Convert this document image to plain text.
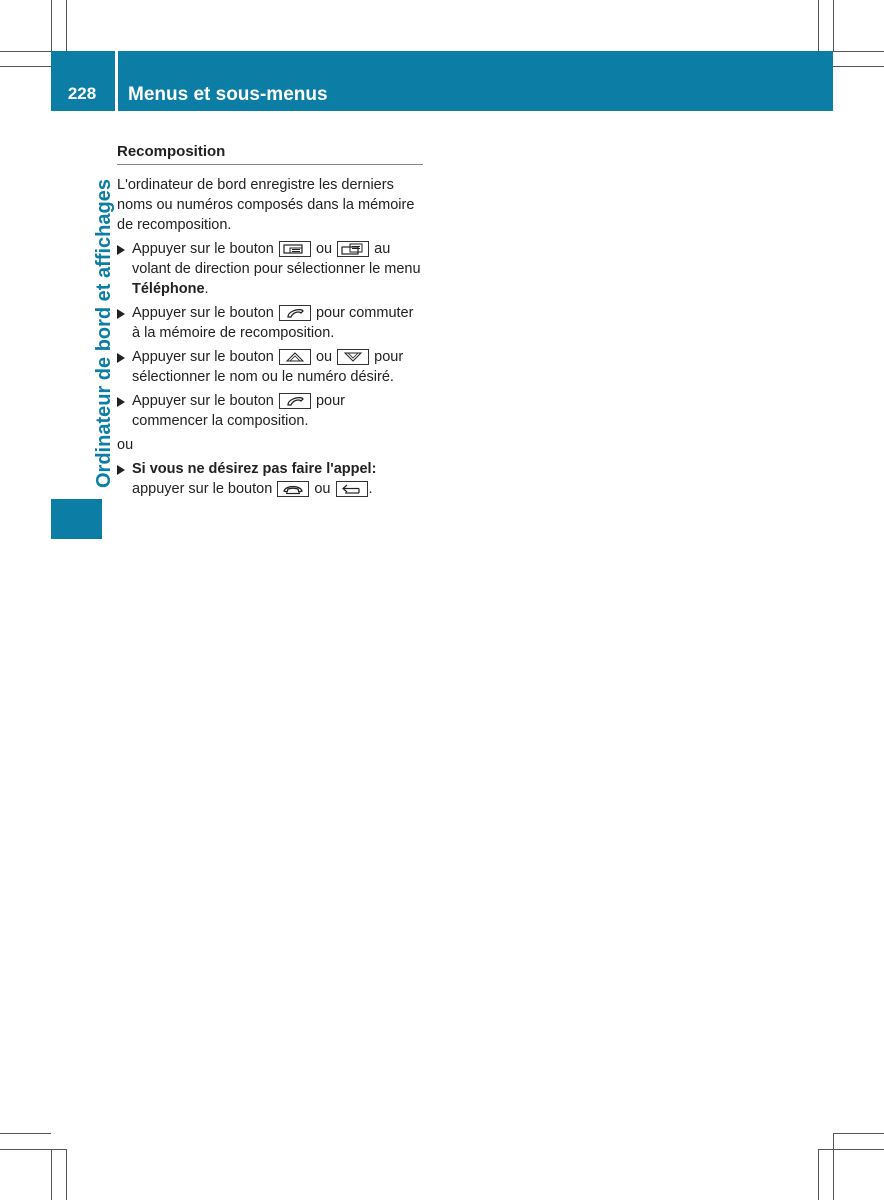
228	Menus et sous-menus
Ordinateur de bord et affichages
Recomposition

L'ordinateur de bord enregistre les derniers noms ou numéros composés dans la mémoire de recomposition.

Appuyer sur le bouton	ou	au volant de direction pour sélectionner le menu Téléphone.
Appuyer sur le bouton	pour commuter à la mémoire de recomposition.
Appuyer sur le bouton	ou	pour sélectionner le nom ou le numéro désiré.
Appuyer sur le bouton	pour commencer la composition.

ou

Si vous ne désirez pas faire l'appel:
appuyer sur le bouton	ou	.
